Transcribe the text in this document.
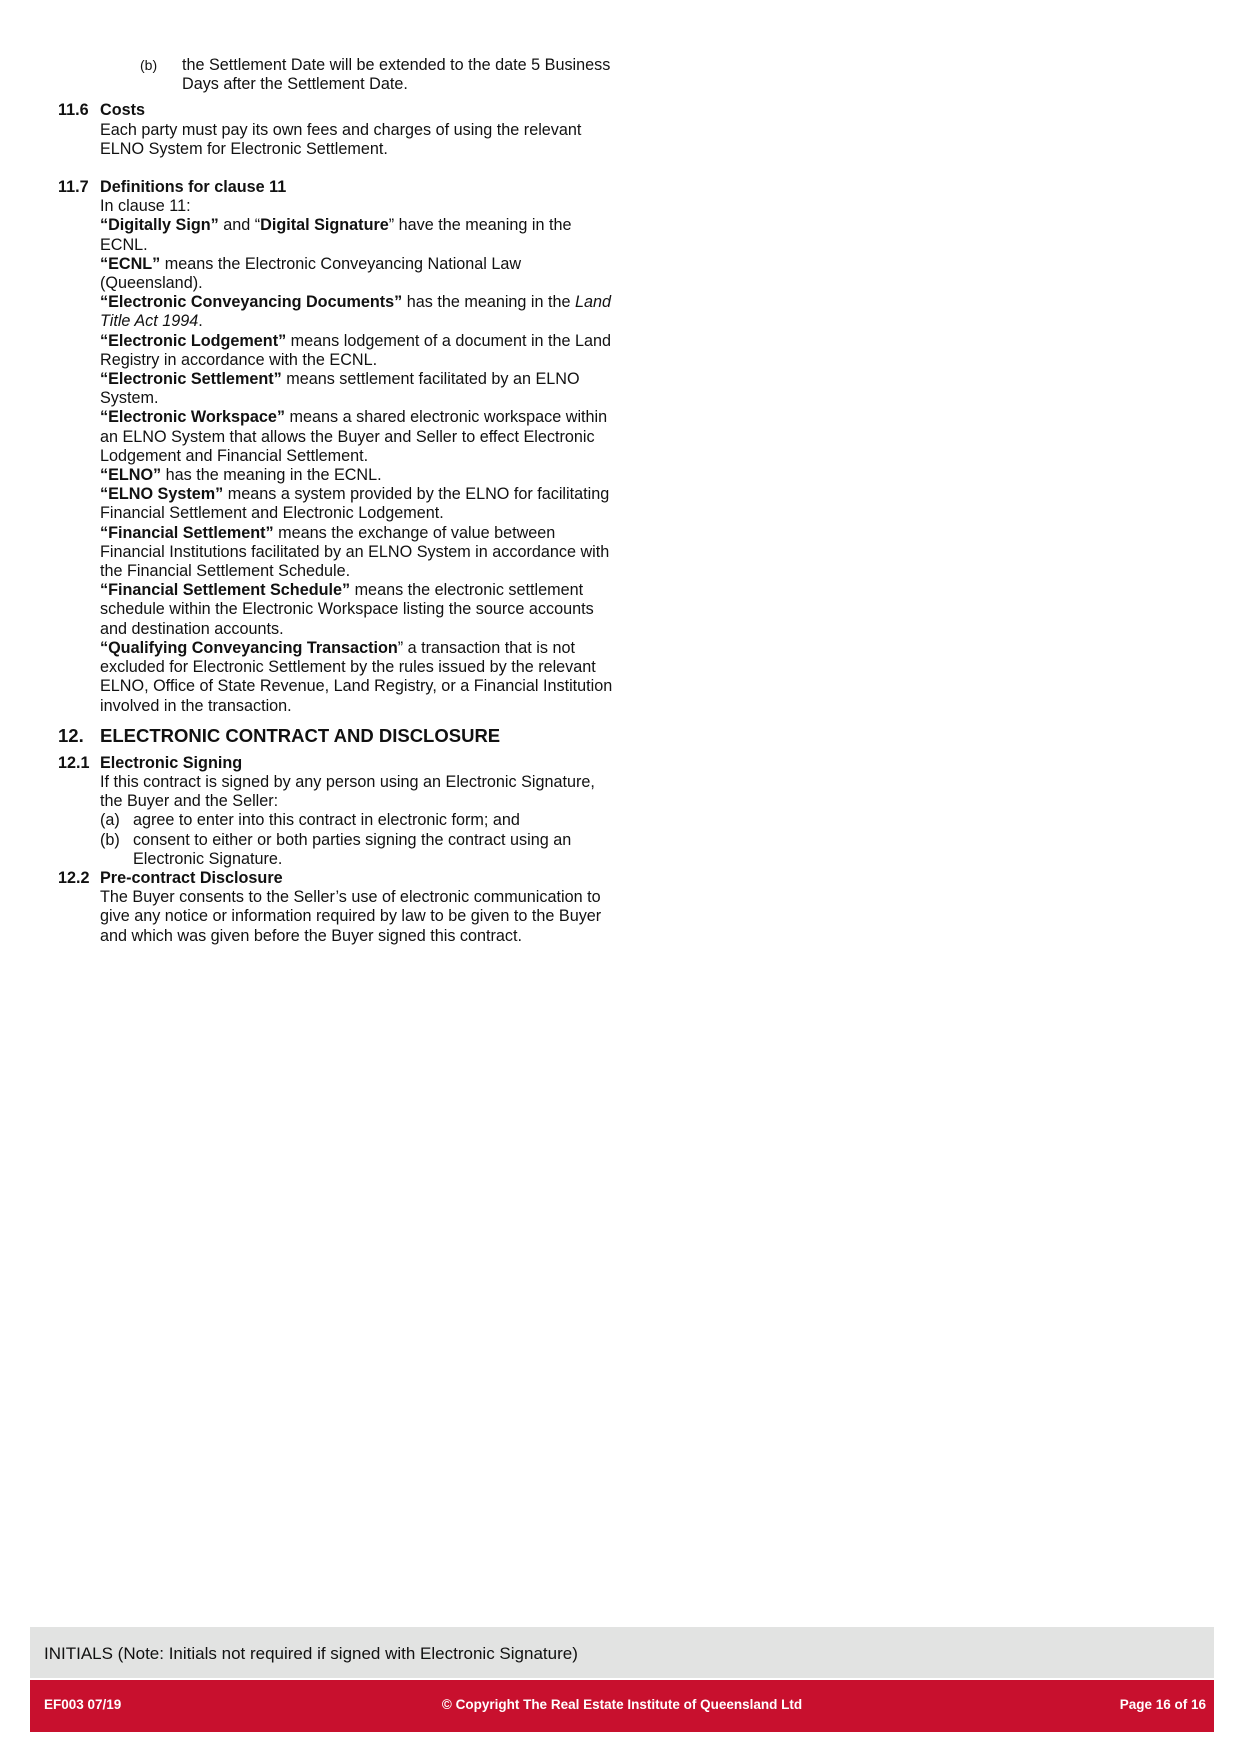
(b)	the Settlement Date will be extended to the date 5 Business Days after the Settlement Date.
11.6 Costs
Each party must pay its own fees and charges of using the relevant ELNO System for Electronic Settlement.
11.7 Definitions for clause 11
In clause 11:
“Digitally Sign” and “Digital Signature” have the meaning in the ECNL.
“ECNL” means the Electronic Conveyancing National Law (Queensland).
“Electronic Conveyancing Documents” has the meaning in the Land Title Act 1994.
“Electronic Lodgement” means lodgement of a document in the Land Registry in accordance with the ECNL.
“Electronic Settlement” means settlement facilitated by an ELNO System.
“Electronic Workspace” means a shared electronic workspace within an ELNO System that allows the Buyer and Seller to effect Electronic Lodgement and Financial Settlement.
“ELNO” has the meaning in the ECNL.
“ELNO System” means a system provided by the ELNO for facilitating Financial Settlement and Electronic Lodgement.
“Financial Settlement” means the exchange of value between Financial Institutions facilitated by an ELNO System in accordance with the Financial Settlement Schedule.
“Financial Settlement Schedule” means the electronic settlement schedule within the Electronic Workspace listing the source accounts and destination accounts.
“Qualifying Conveyancing Transaction” a transaction that is not excluded for Electronic Settlement by the rules issued by the relevant ELNO, Office of State Revenue, Land Registry, or a Financial Institution involved in the transaction.
12. ELECTRONIC CONTRACT AND DISCLOSURE
12.1 Electronic Signing
If this contract is signed by any person using an Electronic Signature, the Buyer and the Seller:
(a) agree to enter into this contract in electronic form; and
(b) consent to either or both parties signing the contract using an Electronic Signature.
12.2 Pre-contract Disclosure
The Buyer consents to the Seller’s use of electronic communication to give any notice or information required by law to be given to the Buyer and which was given before the Buyer signed this contract.
INITIALS (Note: Initials not required if signed with Electronic Signature)
EF003 07/19	© Copyright The Real Estate Institute of Queensland Ltd	Page 16 of 16
